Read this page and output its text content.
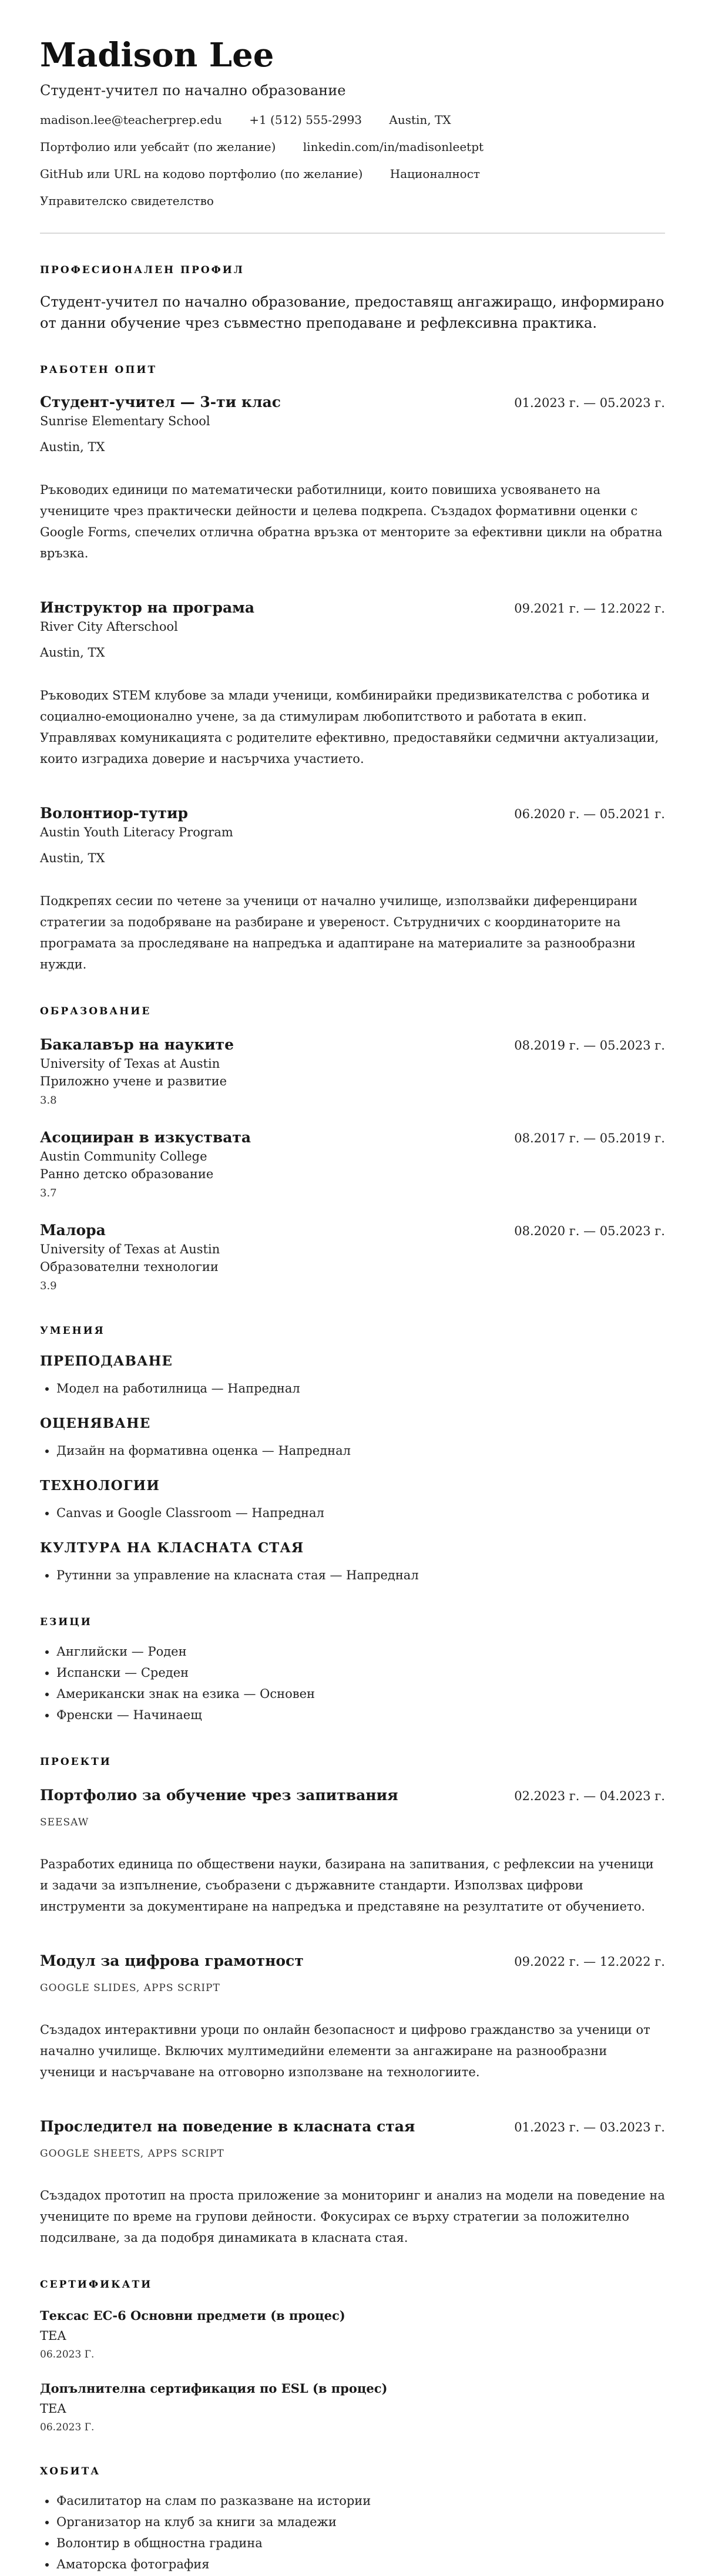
Madison Lee
Студент-учител по начално образование
madison.lee@teacherprep.edu +1 (512) 555-2993 Austin, TX
Портфолио или уебсайт (по желание) linkedin.com/in/madisonleetpt
GitHub или URL на кодово портфолио (по желание) Националност
Управителско свидетелство
ПРОФЕСИОНАЛЕН ПРОФИЛ
Студент-учител по начално образование, предоставящ ангажиращо, информирано от данни обучение чрез съвместно преподаване и рефлексивна практика.
РАБОТЕН ОПИТ
Студент-учител — 3-ти клас	01.2023 г. — 05.2023 г.
Sunrise Elementary School
Austin, TX
Ръководих единици по математически работилници, които повишиха усвояването на учениците чрез практически дейности и целева подкрепа. Създадох формативни оценки с Google Forms, спечелих отлична обратна връзка от менторите за ефективни цикли на обратна връзка.
Инструктор на програма	09.2021 г. — 12.2022 г.
River City Afterschool
Austin, TX
Ръководих STEM клубове за млади ученици, комбинирайки предизвикателства с роботика и социално-емоционално учене, за да стимулирам любопитството и работата в екип. Управлявах комуникацията с родителите ефективно, предоставяйки седмични актуализации, които изградиха доверие и насърчиха участието.
Волонтиор-тутир	06.2020 г. — 05.2021 г.
Austin Youth Literacy Program
Austin, TX
Подкрепях сесии по четене за ученици от начално училище, използвайки диференцирани стратегии за подобряване на разбиране и увереност. Сътрудничих с координаторите на програмата за проследяване на напредъка и адаптиране на материалите за разнообразни нужди.
ОБРАЗОВАНИЕ
Бакалавър на науките	08.2019 г. — 05.2023 г.
University of Texas at Austin
Приложно учене и развитие
3.8
Асоцииран в изкуствата	08.2017 г. — 05.2019 г.
Austin Community College
Ранно детско образование
3.7
Малора	08.2020 г. — 05.2023 г.
University of Texas at Austin
Образователни технологии
3.9
УМЕНИЯ
ПРЕПОДАВАНЕ
• Модел на работилница — Напреднал
ОЦЕНЯВАНЕ
• Дизайн на формативна оценка — Напреднал
ТЕХНОЛОГИИ
• Canvas и Google Classroom — Напреднал
КУЛТУРА НА КЛАСНАТА СТАЯ
• Рутинни за управление на класната стая — Напреднал
ЕЗИЦИ
• Английски — Роден
• Испански — Среден
• Американски знак на езика — Основен
• Френски — Начинаещ
ПРОЕКТИ
Портфолио за обучение чрез запитвания	02.2023 г. — 04.2023 г.
SEESAW
Разработих единица по обществени науки, базирана на запитвания, с рефлексии на ученици и задачи за изпълнение, съобразени с държавните стандарти. Използвах цифрови инструменти за документиране на напредъка и представяне на резултатите от обучението.
Модул за цифрова грамотност	09.2022 г. — 12.2022 г.
GOOGLE SLIDES, APPS SCRIPT
Създадох интерактивни уроци по онлайн безопасност и цифрово гражданство за ученици от начално училище. Включих мултимедийни елементи за ангажиране на разнообразни ученици и насърчаване на отговорно използване на технологиите.
Проследител на поведение в класната стая	01.2023 г. — 03.2023 г.
GOOGLE SHEETS, APPS SCRIPT
Създадох прототип на проста приложение за мониторинг и анализ на модели на поведение на учениците по време на групови дейности. Фокусирах се върху стратегии за положително подсилване, за да подобря динамиката в класната стая.
СЕРТИФИКАТИ
Тексас ЕС-6 Основни предмети (в процес)
TEA
06.2023 Г.
Допълнителна сертификация по ESL (в процес)
TEA
06.2023 Г.
ХОБИТА
• Фасилитатор на слам по разказване на истории
• Организатор на клуб за книги за младежи
• Волонтир в общностна градина
• Аматорска фотография
